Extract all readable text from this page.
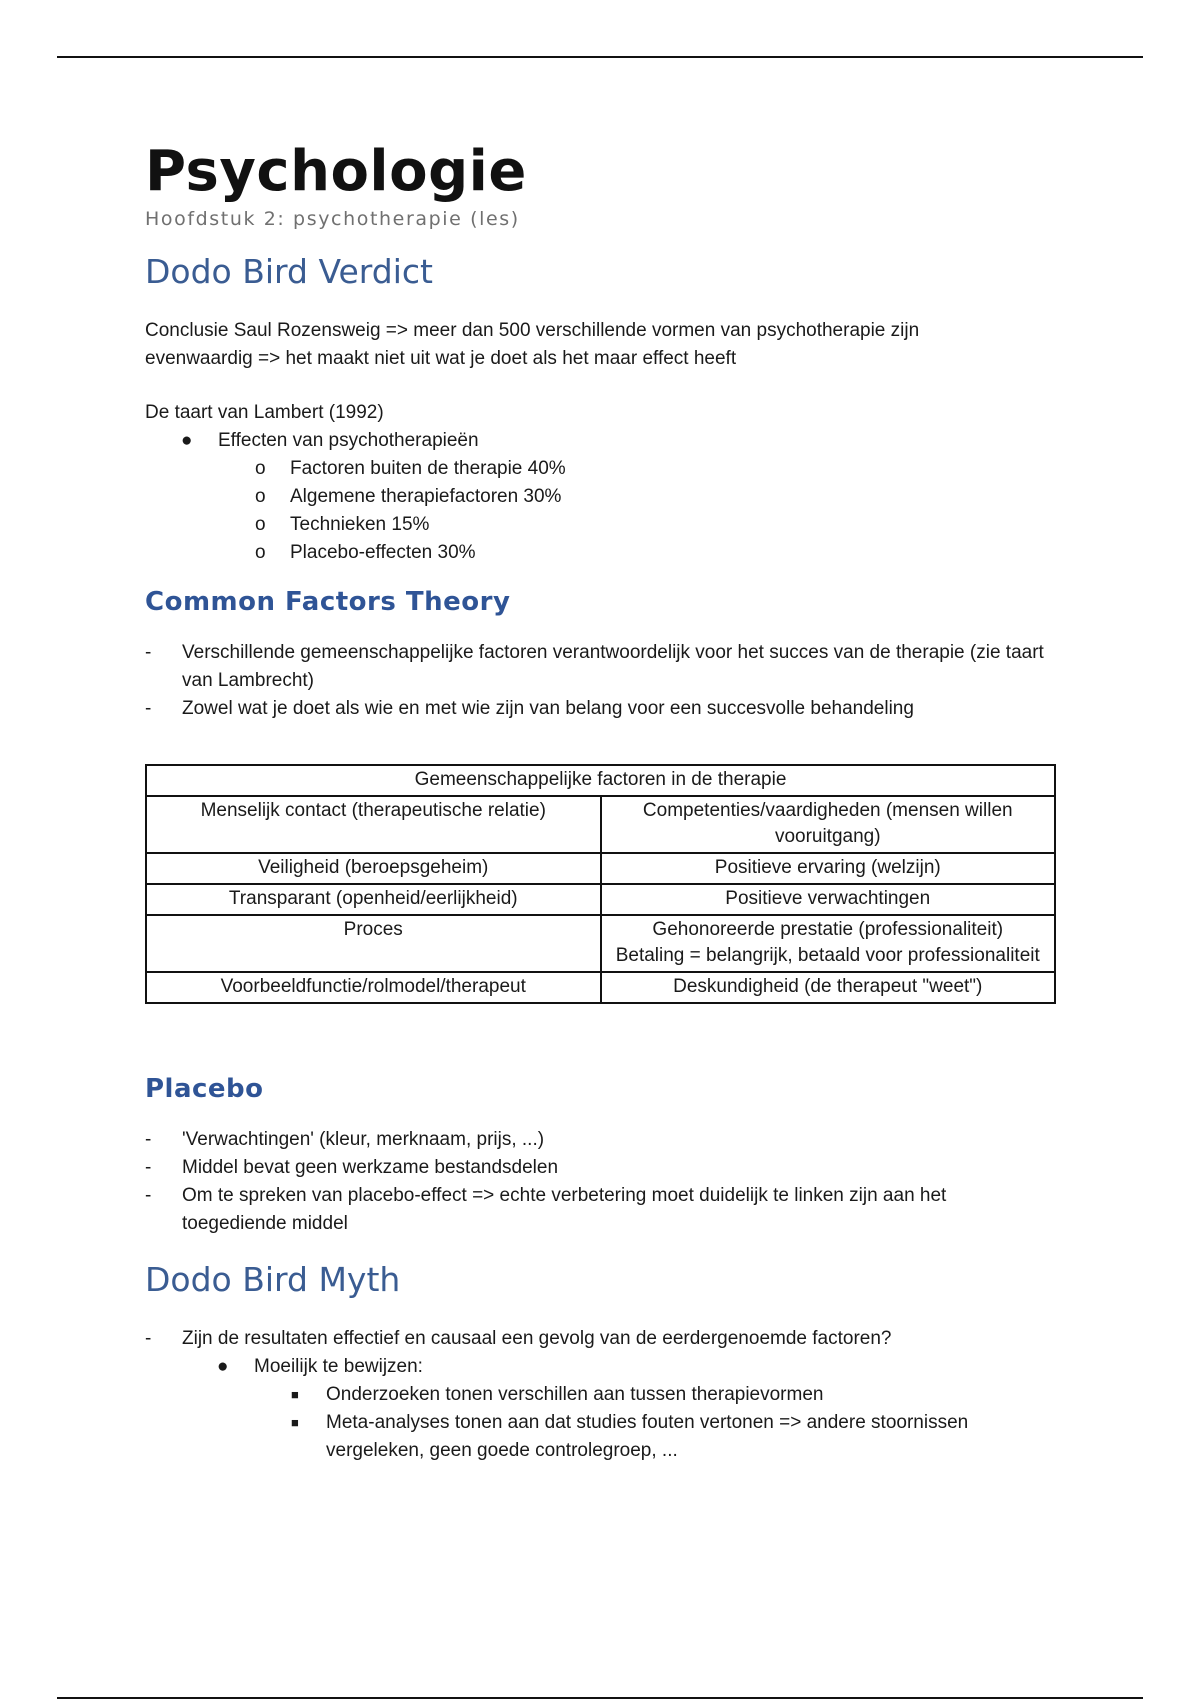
Psychologie
Hoofdstuk 2: psychotherapie (les)
Dodo Bird Verdict
Conclusie Saul Rozensweig => meer dan 500 verschillende vormen van psychotherapie zijn evenwaardig => het maakt niet uit wat je doet als het maar effect heeft
De taart van Lambert (1992)
● Effecten van psychotherapieën
o Factoren buiten de therapie 40%
o Algemene therapiefactoren 30%
o Technieken 15%
o Placebo-effecten 30%
Common Factors Theory
- Verschillende gemeenschappelijke factoren verantwoordelijk voor het succes van de therapie (zie taart van Lambrecht)
- Zowel wat je doet als wie en met wie zijn van belang voor een succesvolle behandeling
Gemeenschappelijke factoren in de therapie	
Menselijk contact (therapeutische relatie)	Competenties/vaardigheden (mensen willen vooruitgang)
Veiligheid (beroepsgeheim)	Positieve ervaring (welzijn)
Transparant (openheid/eerlijkheid)	Positieve verwachtingen
Proces	Gehonoreerde prestatie (professionaliteit)
Betaling = belangrijk, betaald voor professionaliteit

Voorbeeldfunctie/rolmodel/therapeut	Deskundigheid (de therapeut "weet")
Placebo
- 'Verwachtingen' (kleur, merknaam, prijs, ...)
- Middel bevat geen werkzame bestandsdelen
- Om te spreken van placebo-effect => echte verbetering moet duidelijk te linken zijn aan het toegediende middel
Dodo Bird Myth
- Zijn de resultaten effectief en causaal een gevolg van de eerdergenoemde factoren?
● Moeilijk te bewijzen:
■ Onderzoeken tonen verschillen aan tussen therapievormen
■ Meta-analyses tonen aan dat studies fouten vertonen => andere stoornissen vergeleken, geen goede controlegroep, ...
